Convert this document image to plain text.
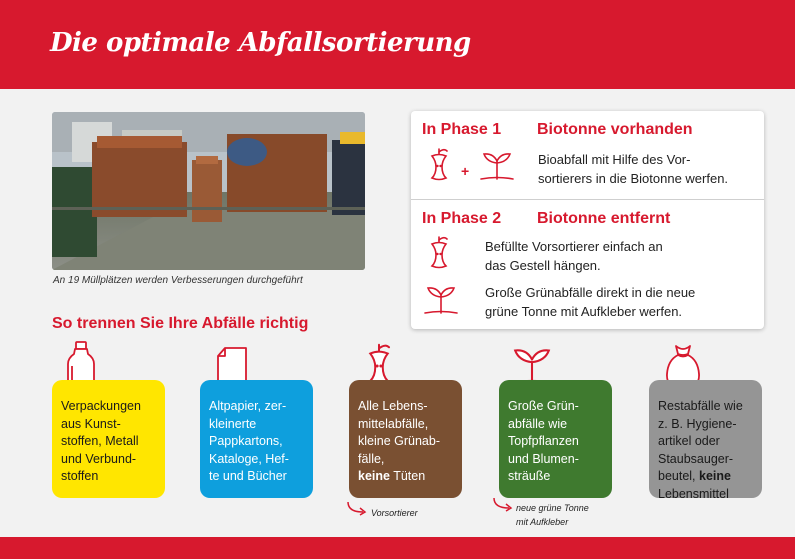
Die optimale Abfallsortierung
An 19 Müllplätzen werden Verbesserungen durchgeführt
In Phase 1 Biotonne vorhanden
+
Bioabfall mit Hilfe des Vor-
sortierers in die Biotonne werfen.
In Phase 2 Biotonne entfernt
Befüllte Vorsortierer einfach an
das Gestell hängen.
Große Grünabfälle direkt in die neue
grüne Tonne mit Aufkleber werfen.
So trennen Sie Ihre Abfälle richtig
Verpackungen
aus Kunst-
stoffen, Metall
und Verbund-
stoffen
Altpapier, zer-
kleinerte
Pappkartons,
Kataloge, Hef-
te und Bücher
Alle Lebens-
mittelabfälle,
kleine Grünab-
fälle,
keine Tüten
Große Grün-
abfälle wie
Topfpflanzen
und Blumen-
sträuße
Restabfälle wie
z. B. Hygiene-
artikel oder
Staubsauger-
beutel, keine
Lebensmittel
Vorsortierer	neue grüne Tonne
mit Aufkleber
